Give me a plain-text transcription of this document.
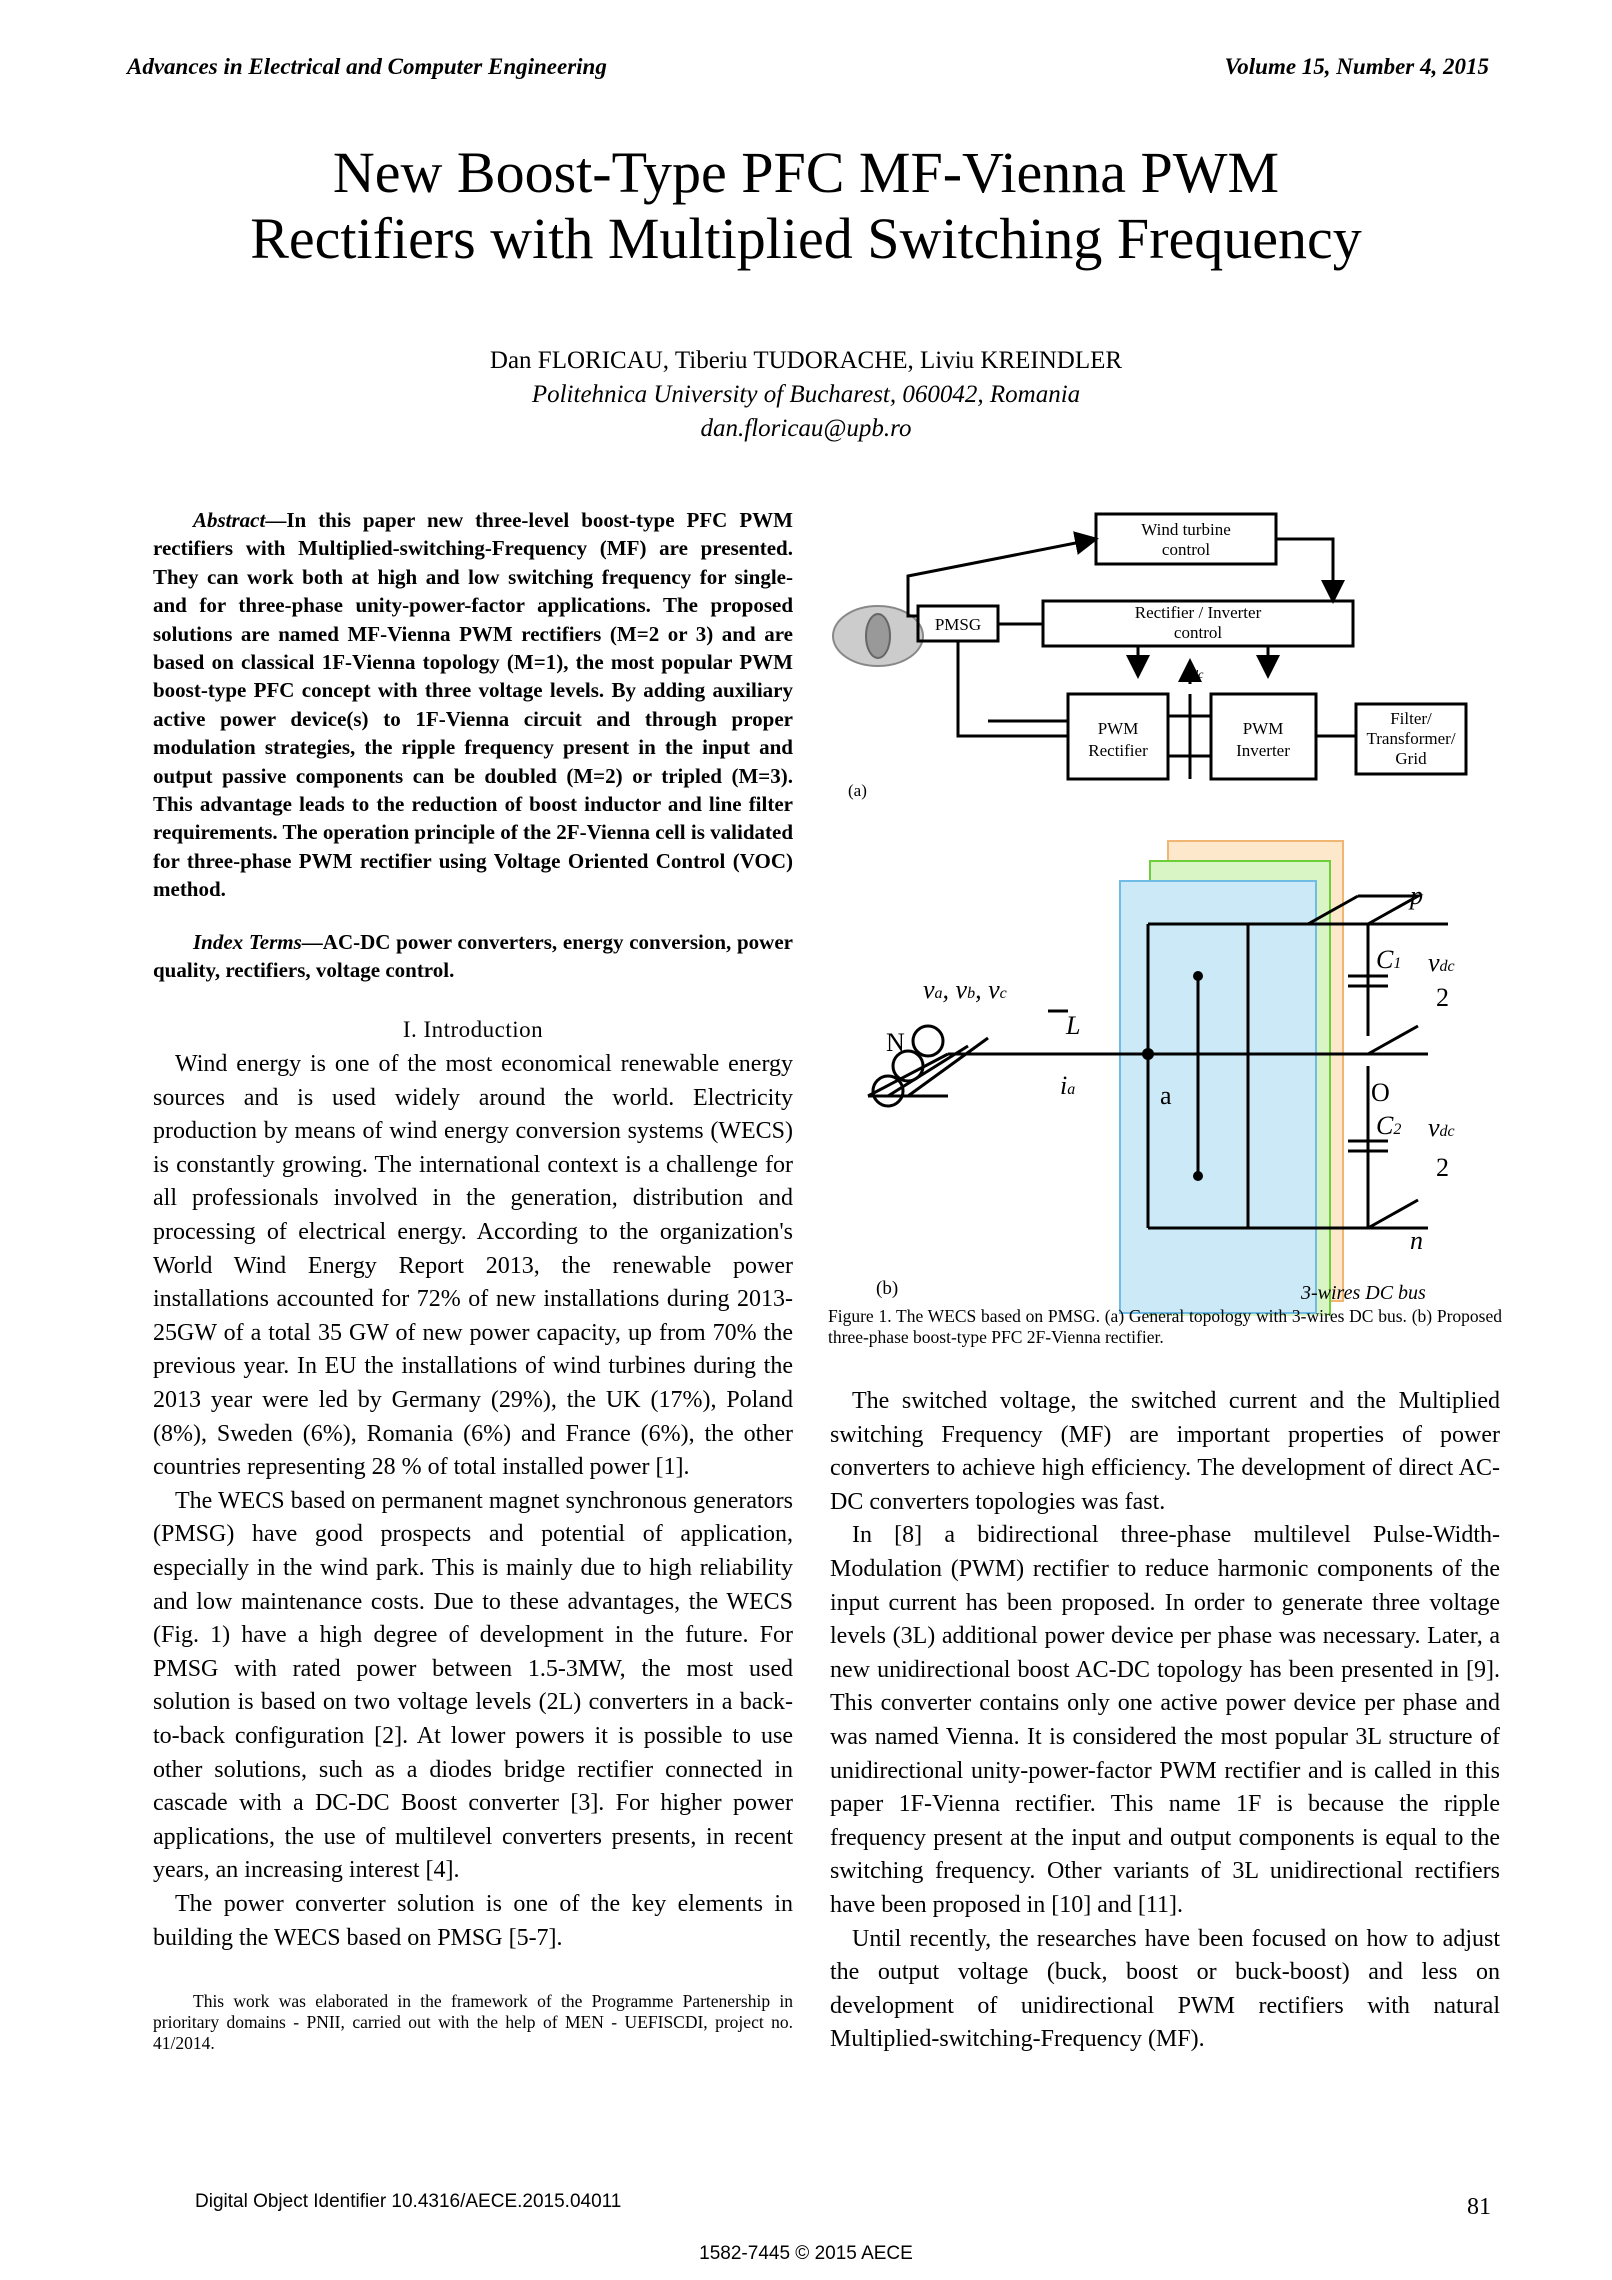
Advances in Electrical and Computer Engineering	Volume 15, Number 4, 2015
New Boost-Type PFC MF-Vienna PWM
Rectifiers with Multiplied Switching Frequency
Dan FLORICAU, Tiberiu TUDORACHE, Liviu KREINDLER
Politehnica University of Bucharest, 060042, Romania
dan.floricau@upb.ro

Abstract—In this paper new three-level boost-type PFC PWM rectifiers with Multiplied-switching-Frequency (MF) are presented. They can work both at high and low switching frequency for single- and for three-phase unity-power-factor applications. The proposed solutions are named MF-Vienna PWM rectifiers (M=2 or 3) and are based on classical 1F-Vienna topology (M=1), the most popular PWM boost-type PFC concept with three voltage levels. By adding auxiliary active power device(s) to 1F-Vienna circuit and through proper modulation strategies, the ripple frequency present in the input and output passive components can be doubled (M=2) or tripled (M=3). This advantage leads to the reduction of boost inductor and line filter requirements. The operation principle of the 2F-Vienna cell is validated for three-phase PWM rectifier using Voltage Oriented Control (VOC) method.

Index Terms—AC-DC power converters, energy conversion, power quality, rectifiers, voltage control.

I. Introduction

Wind energy is one of the most economical renewable energy sources and is used widely around the world. Electricity production by means of wind energy conversion systems (WECS) is constantly growing. The international context is a challenge for all professionals involved in the generation, distribution and processing of electrical energy. According to the organization's World Wind Energy Report 2013, the renewable power installations accounted for 72% of new installations during 2013- 25GW of a total 35 GW of new power capacity, up from 70% the previous year. In EU the installations of wind turbines during the 2013 year were led by Germany (29%), the UK (17%), Poland (8%), Sweden (6%), Romania (6%) and France (6%), the other countries representing 28 % of total installed power [1].

The WECS based on permanent magnet synchronous generators (PMSG) have good prospects and potential of application, especially in the wind park. This is mainly due to high reliability and low maintenance costs. Due to these advantages, the WECS (Fig. 1) have a high degree of development in the future. For PMSG with rated power between 1.5-3MW, the most used solution is based on two voltage levels (2L) converters in a back-to-back configuration [2]. At lower powers it is possible to use other solutions, such as a diodes bridge rectifier connected in cascade with a DC-DC Boost converter [3]. For higher power applications, the use of multilevel converters presents, in recent years, an increasing interest [4].

The power converter solution is one of the key elements in building the WECS based on PMSG [5-7].

This work was elaborated in the framework of the Programme Partenership in prioritary domains - PNII, carried out with the help of MEN - UEFISCDI, project no. 41/2014.

Wind turbine
control
PMSG
Rectifier / Inverter
control
PWM
Rectifier
PWM
Inverter
Filter/
Transformer/
Grid
•••	•••
vdc
(a)
va, vb, vc
N
L
ia	a
p
O
n
C1
C2
vdc
2
vdc
2
3-wires DC bus
(b)
Figure 1. The WECS based on PMSG. (a) General topology with 3-wires DC bus. (b) Proposed three-phase boost-type PFC 2F-Vienna rectifier.

The switched voltage, the switched current and the Multiplied switching Frequency (MF) are important properties of power converters to achieve high efficiency. The development of direct AC-DC converters topologies was fast.

In [8] a bidirectional three-phase multilevel Pulse-Width-Modulation (PWM) rectifier to reduce harmonic components of the input current has been proposed. In order to generate three voltage levels (3L) additional power device per phase was necessary. Later, a new unidirectional boost AC-DC topology has been presented in [9]. This converter contains only one active power device per phase and was named Vienna. It is considered the most popular 3L structure of unidirectional unity-power-factor PWM rectifier and is called in this paper 1F-Vienna rectifier. This name 1F is because the ripple frequency present at the input and output components is equal to the switching frequency. Other variants of 3L unidirectional rectifiers have been proposed in [10] and [11].

Until recently, the researches have been focused on how to adjust the output voltage (buck, boost or buck-boost) and less on development of unidirectional PWM rectifiers with natural Multiplied-switching-Frequency (MF).

Digital Object Identifier 10.4316/AECE.2015.04011	81
1582-7445 © 2015 AECE
